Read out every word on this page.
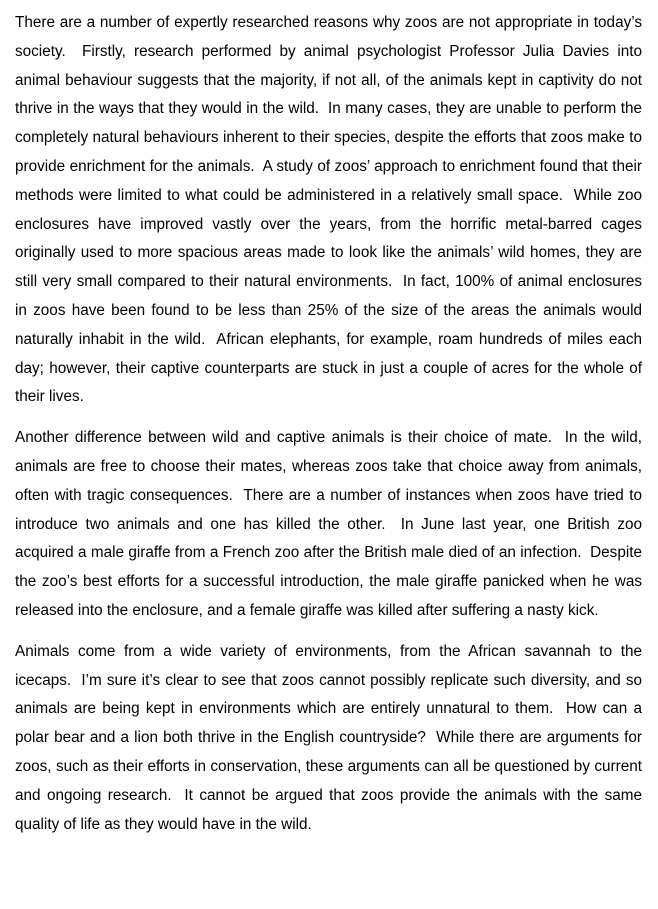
There are a number of expertly researched reasons why zoos are not appropriate in today’s society.  Firstly, research performed by animal psychologist Professor Julia Davies into animal behaviour suggests that the majority, if not all, of the animals kept in captivity do not thrive in the ways that they would in the wild.  In many cases, they are unable to perform the completely natural behaviours inherent to their species, despite the efforts that zoos make to provide enrichment for the animals.  A study of zoos’ approach to enrichment found that their methods were limited to what could be administered in a relatively small space.  While zoo enclosures have improved vastly over the years, from the horrific metal-barred cages originally used to more spacious areas made to look like the animals’ wild homes, they are still very small compared to their natural environments.  In fact, 100% of animal enclosures in zoos have been found to be less than 25% of the size of the areas the animals would naturally inhabit in the wild.  African elephants, for example, roam hundreds of miles each day; however, their captive counterparts are stuck in just a couple of acres for the whole of their lives.

Another difference between wild and captive animals is their choice of mate.  In the wild, animals are free to choose their mates, whereas zoos take that choice away from animals, often with tragic consequences.  There are a number of instances when zoos have tried to introduce two animals and one has killed the other.  In June last year, one British zoo acquired a male giraffe from a French zoo after the British male died of an infection.  Despite the zoo’s best efforts for a successful introduction, the male giraffe panicked when he was released into the enclosure, and a female giraffe was killed after suffering a nasty kick.

Animals come from a wide variety of environments, from the African savannah to the icecaps.  I’m sure it’s clear to see that zoos cannot possibly replicate such diversity, and so animals are being kept in environments which are entirely unnatural to them.  How can a polar bear and a lion both thrive in the English countryside?  While there are arguments for zoos, such as their efforts in conservation, these arguments can all be questioned by current and ongoing research.  It cannot be argued that zoos provide the animals with the same quality of life as they would have in the wild.
